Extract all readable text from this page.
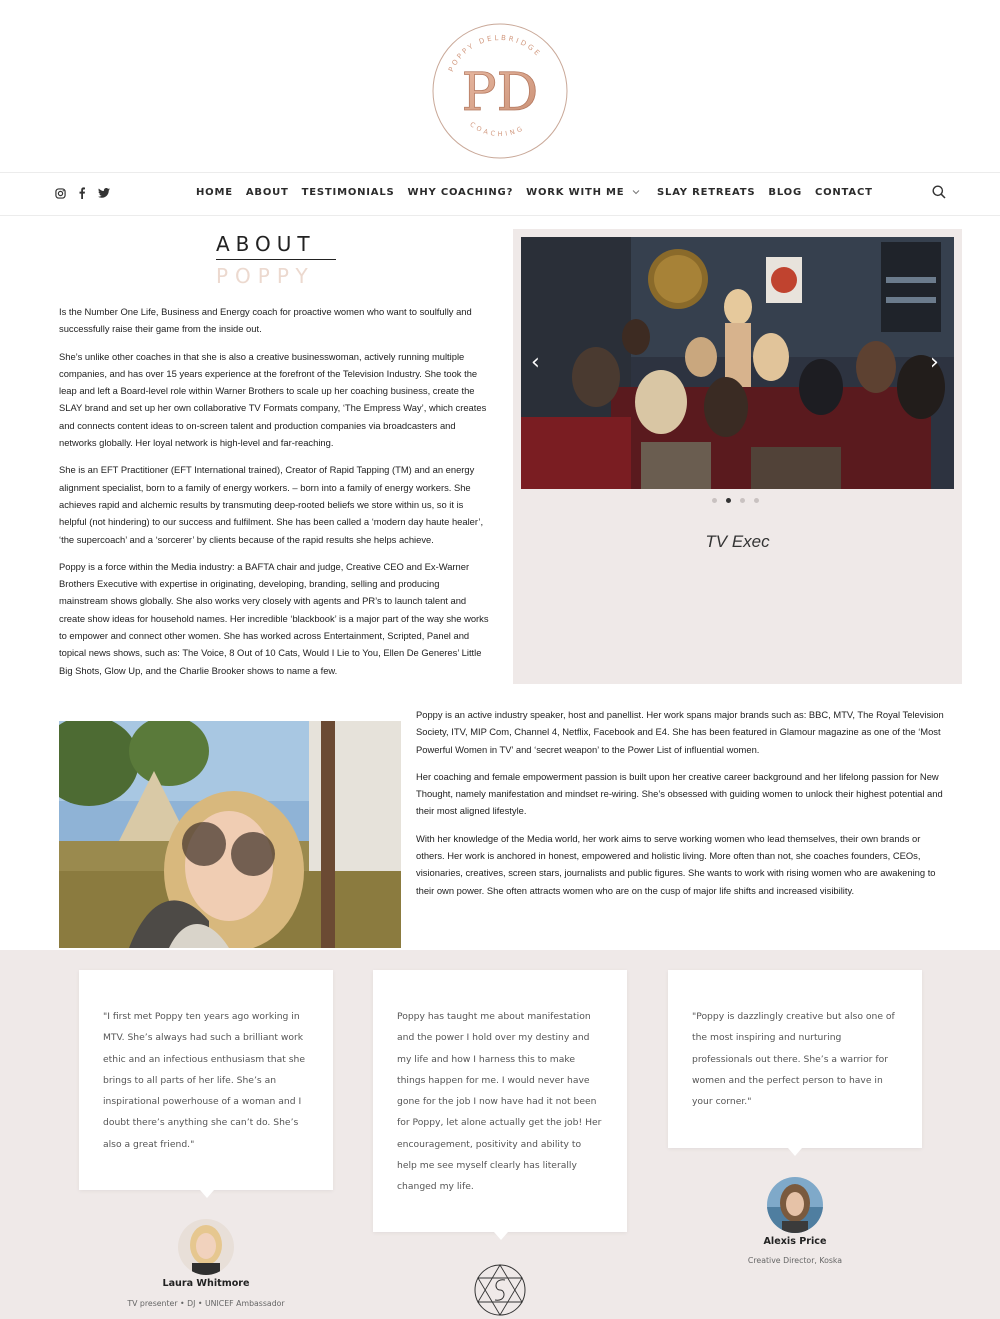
POPPY DELBRIDGE
PD
COACHING
HOME ABOUT TESTIMONIALS WHY COACHING? WORK WITH ME	SLAY RETREATS BLOG CONTACT
ABOUT
POPPY

Is the Number One Life, Business and Energy coach for proactive women who want to soulfully and successfully raise their game from the inside out.

She’s unlike other coaches in that she is also a creative businesswoman, actively running multiple companies, and has over 15 years experience at the forefront of the Television Industry. She took the leap and left a Board-level role within Warner Brothers to scale up her coaching business, create the SLAY brand and set up her own collaborative TV Formats company, ‘The Empress Way’, which creates and connects content ideas to on-screen talent and production companies via broadcasters and networks globally. Her loyal network is high-level and far-reaching.

She is an EFT Practitioner (EFT International trained), Creator of Rapid Tapping (TM) and an energy alignment specialist, born to a family of energy workers. – born into a family of energy workers. She achieves rapid and alchemic results by transmuting deep-rooted beliefs we store within us, so it is helpful (not hindering) to our success and fulfilment. She has been called a ‘modern day haute healer’, ‘the supercoach’ and a ‘sorcerer’ by clients because of the rapid results she helps achieve.

Poppy is a force within the Media industry: a BAFTA chair and judge, Creative CEO and Ex-Warner Brothers Executive with expertise in originating, developing, branding, selling and producing mainstream shows globally. She also works very closely with agents and PR’s to launch talent and create show ideas for household names. Her incredible ‘blackbook’ is a major part of the way she works to empower and connect other women. She has worked across Entertainment, Scripted, Panel and topical news shows, such as: The Voice, 8 Out of 10 Cats, Would I Lie to You, Ellen De Generes’ Little Big Shots, Glow Up, and the Charlie Brooker shows to name a few.

‹	›
TV Exec

Poppy is an active industry speaker, host and panellist. Her work spans major brands such as: BBC, MTV, The Royal Television Society, ITV, MIP Com, Channel 4, Netflix, Facebook and E4. She has been featured in Glamour magazine as one of the ‘Most Powerful Women in TV’ and ‘secret weapon’ to the Power List of influential women.

Her coaching and female empowerment passion is built upon her creative career background and her lifelong passion for New Thought, namely manifestation and mindset re-wiring. She’s obsessed with guiding women to unlock their highest potential and their most aligned lifestyle.

With her knowledge of the Media world, her work aims to serve working women who lead themselves, their own brands or others. Her work is anchored in honest, empowered and holistic living. More often than not, she coaches founders, CEOs, visionaries, creatives, screen stars, journalists and public figures. She wants to work with rising women who are awakening to their own power. She often attracts women who are on the cusp of major life shifts and increased visibility.

"I first met Poppy ten years ago working in MTV. She’s always had such a brilliant work ethic and an infectious enthusiasm that she brings to all parts of her life. She’s an inspirational powerhouse of a woman and I doubt there’s anything she can’t do. She’s also a great friend."

Laura Whitmore
TV presenter • DJ • UNICEF Ambassador

Poppy has taught me about manifestation and the power I hold over my destiny and my life and how I harness this to make things happen for me. I would never have gone for the job I now have had it not been for Poppy, let alone actually get the job! Her encouragement, positivity and ability to help me see myself clearly has literally changed my life.

"Poppy is dazzlingly creative but also one of the most inspiring and nurturing professionals out there. She’s a warrior for women and the perfect person to have in your corner."

Alexis Price
Creative Director, Koska
